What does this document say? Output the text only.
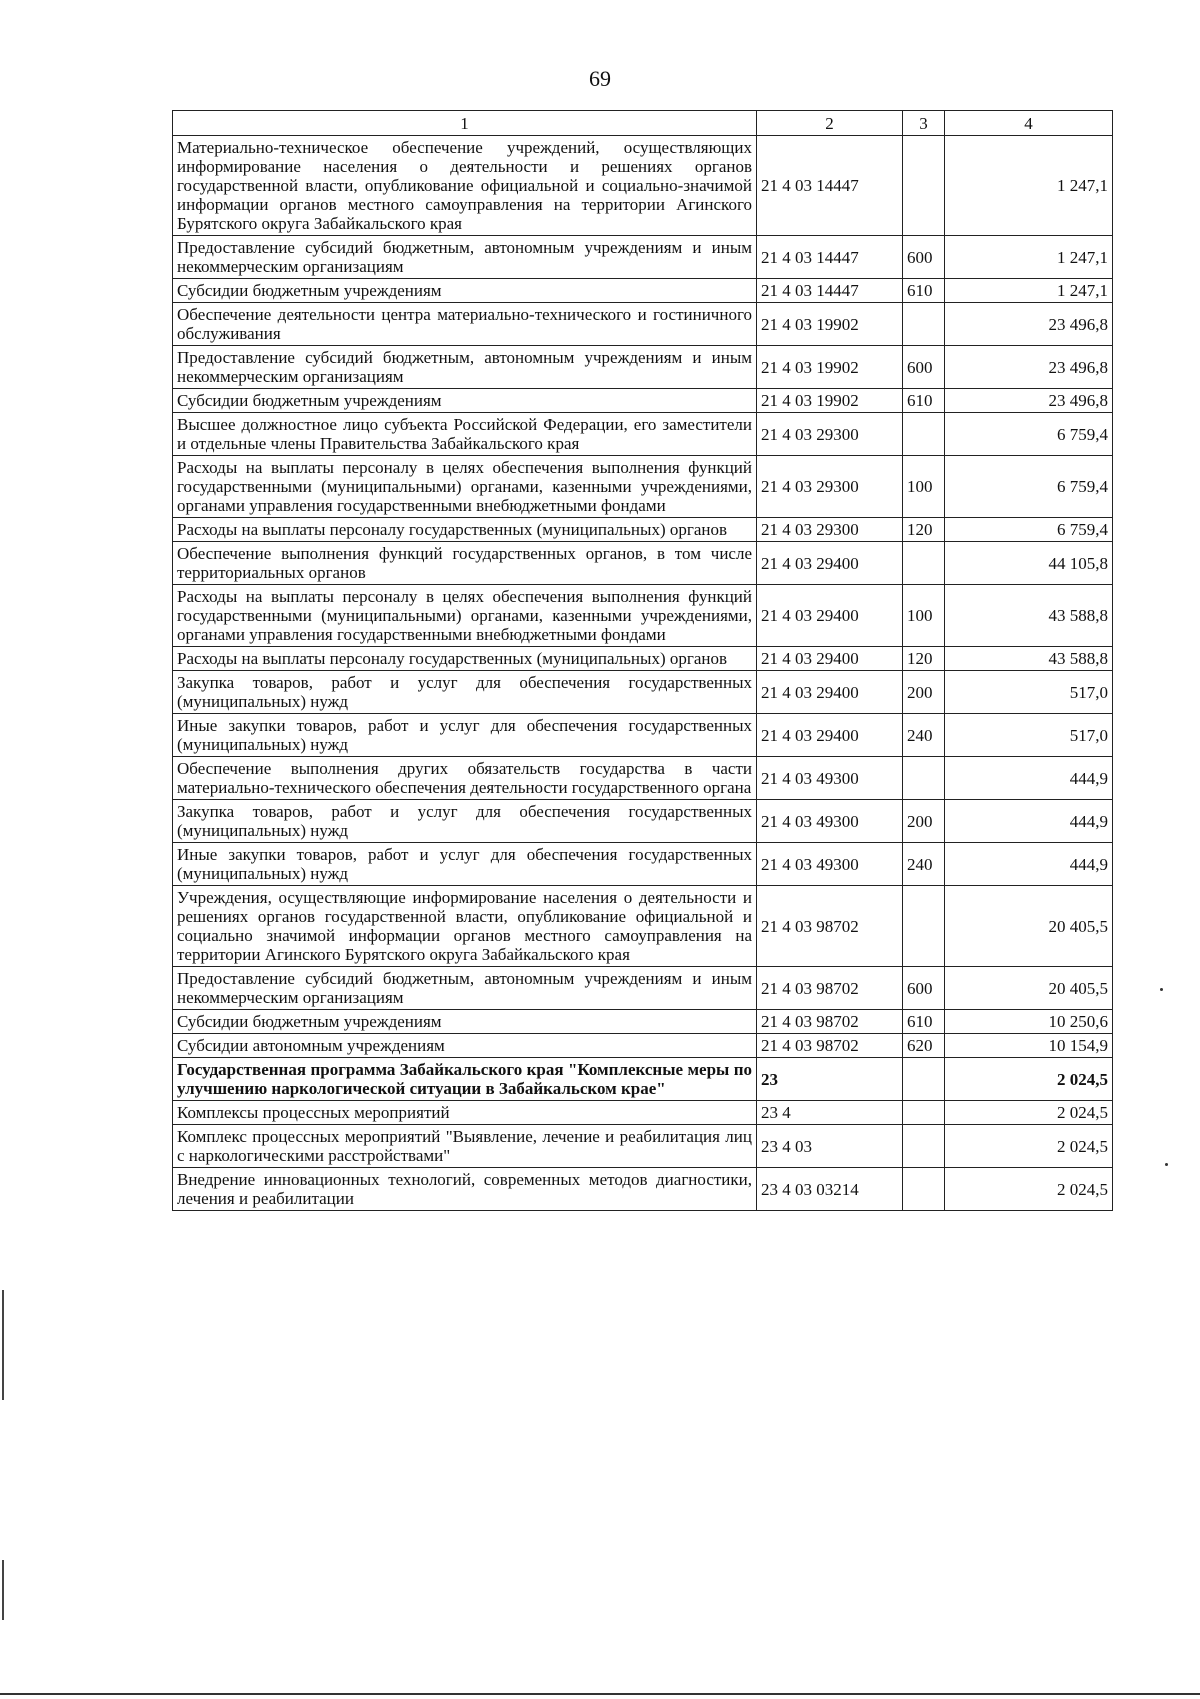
69
1	2	3	4
Материально-техническое обеспечение учреждений, осуществляющих информирование населения о деятельности и решениях органов государственной власти, опубликование официальной и социально-значимой информации органов местного самоуправления на территории Агинского Бурятского округа Забайкальского края	21 4 03 14447		1 247,1
Предоставление субсидий бюджетным, автономным учреждениям и иным некоммерческим организациям	21 4 03 14447	600	1 247,1
Субсидии бюджетным учреждениям	21 4 03 14447	610	1 247,1
Обеспечение деятельности центра материально-технического и гостиничного обслуживания	21 4 03 19902		23 496,8
Предоставление субсидий бюджетным, автономным учреждениям и иным некоммерческим организациям	21 4 03 19902	600	23 496,8
Субсидии бюджетным учреждениям	21 4 03 19902	610	23 496,8
Высшее должностное лицо субъекта Российской Федерации, его заместители и отдельные члены Правительства Забайкальского края	21 4 03 29300		6 759,4
Расходы на выплаты персоналу в целях обеспечения выполнения функций государственными (муниципальными) органами, казенными учреждениями, органами управления государственными внебюджетными фондами	21 4 03 29300	100	6 759,4
Расходы на выплаты персоналу государственных (муниципальных) органов	21 4 03 29300	120	6 759,4
Обеспечение выполнения функций государственных органов, в том числе территориальных органов	21 4 03 29400		44 105,8
Расходы на выплаты персоналу в целях обеспечения выполнения функций государственными (муниципальными) органами, казенными учреждениями, органами управления государственными внебюджетными фондами	21 4 03 29400	100	43 588,8
Расходы на выплаты персоналу государственных (муниципальных) органов	21 4 03 29400	120	43 588,8
Закупка товаров, работ и услуг для обеспечения государственных (муниципальных) нужд	21 4 03 29400	200	517,0
Иные закупки товаров, работ и услуг для обеспечения государственных (муниципальных) нужд	21 4 03 29400	240	517,0
Обеспечение выполнения других обязательств государства в части материально-технического обеспечения деятельности государственного органа	21 4 03 49300		444,9
Закупка товаров, работ и услуг для обеспечения государственных (муниципальных) нужд	21 4 03 49300	200	444,9
Иные закупки товаров, работ и услуг для обеспечения государственных (муниципальных) нужд	21 4 03 49300	240	444,9
Учреждения, осуществляющие информирование населения о деятельности и решениях органов государственной власти, опубликование официальной и социально значимой информации органов местного самоуправления на территории Агинского Бурятского округа Забайкальского края	21 4 03 98702		20 405,5
Предоставление субсидий бюджетным, автономным учреждениям и иным некоммерческим организациям	21 4 03 98702	600	20 405,5
Субсидии бюджетным учреждениям	21 4 03 98702	610	10 250,6
Субсидии автономным учреждениям	21 4 03 98702	620	10 154,9
Государственная программа Забайкальского края "Комплексные меры по улучшению наркологической ситуации в Забайкальском крае"	23		2 024,5
Комплексы процессных мероприятий	23 4		2 024,5
Комплекс процессных мероприятий "Выявление, лечение и реабилитация лиц с наркологическими расстройствами"	23 4 03		2 024,5
Внедрение инновационных технологий, современных методов диагностики, лечения и реабилитации	23 4 03 03214		2 024,5
